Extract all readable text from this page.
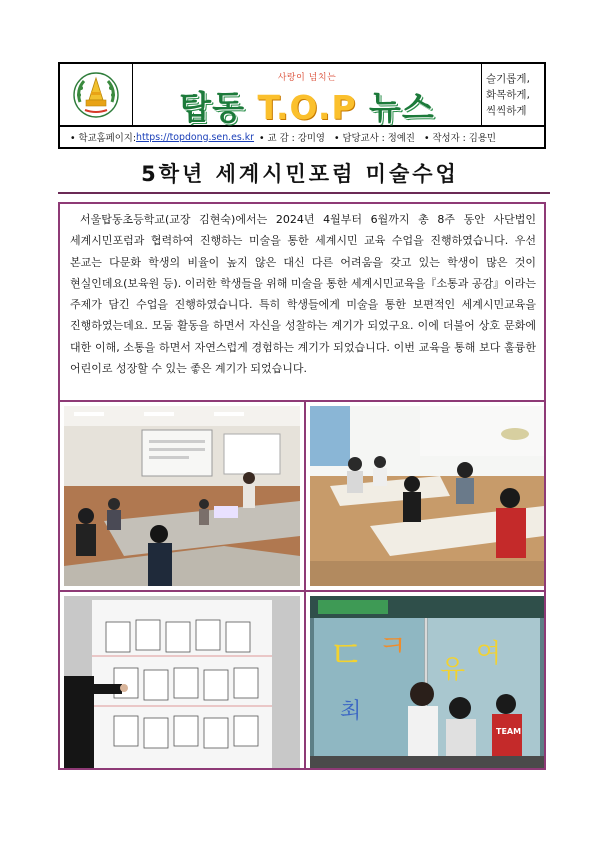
사랑이 넘치는
탑동 T.O.P 뉴스
슬기롭게,
화목하게,
씩씩하게
• 학교홈페이지: https://topdong.sen.es.kr • 교 감 : 강미영 • 담당교사 : 정예진 • 작성자 : 김용민
5학년 세계시민포럼 미술수업
서울탑동초등학교(교장 김현숙)에서는 2024년 4월부터 6월까지 총 8주 동안 사단법인 세계시민포럼과 협력하여 진행하는 미술을 통한 세계시민 교육 수업을 진행하였습니다. 우선 본교는 다문화 학생의 비율이 높지 않은 대신 다른 어려움을 갖고 있는 학생이 많은 것이 현실인데요(보육원 등). 이러한 학생들을 위해 미술을 통한 세계시민교육을『소통과 공감』이라는 주제가 담긴 수업을 진행하였습니다. 특히 학생들에게 미술을 통한 보편적인 세계시민교육을 진행하였는데요. 모둠 활동을 하면서 자신을 성찰하는 계기가 되었구요. 이에 더불어 상호 문화에 대한 이해, 소통을 하면서 자연스럽게 경험하는 계기가 되었습니다. 이번 교육을 통해 보다 훌륭한 어린이로 성장할 수 있는 좋은 계기가 되었습니다.
ㄷ ㅋ
최
유
여
TEAM
